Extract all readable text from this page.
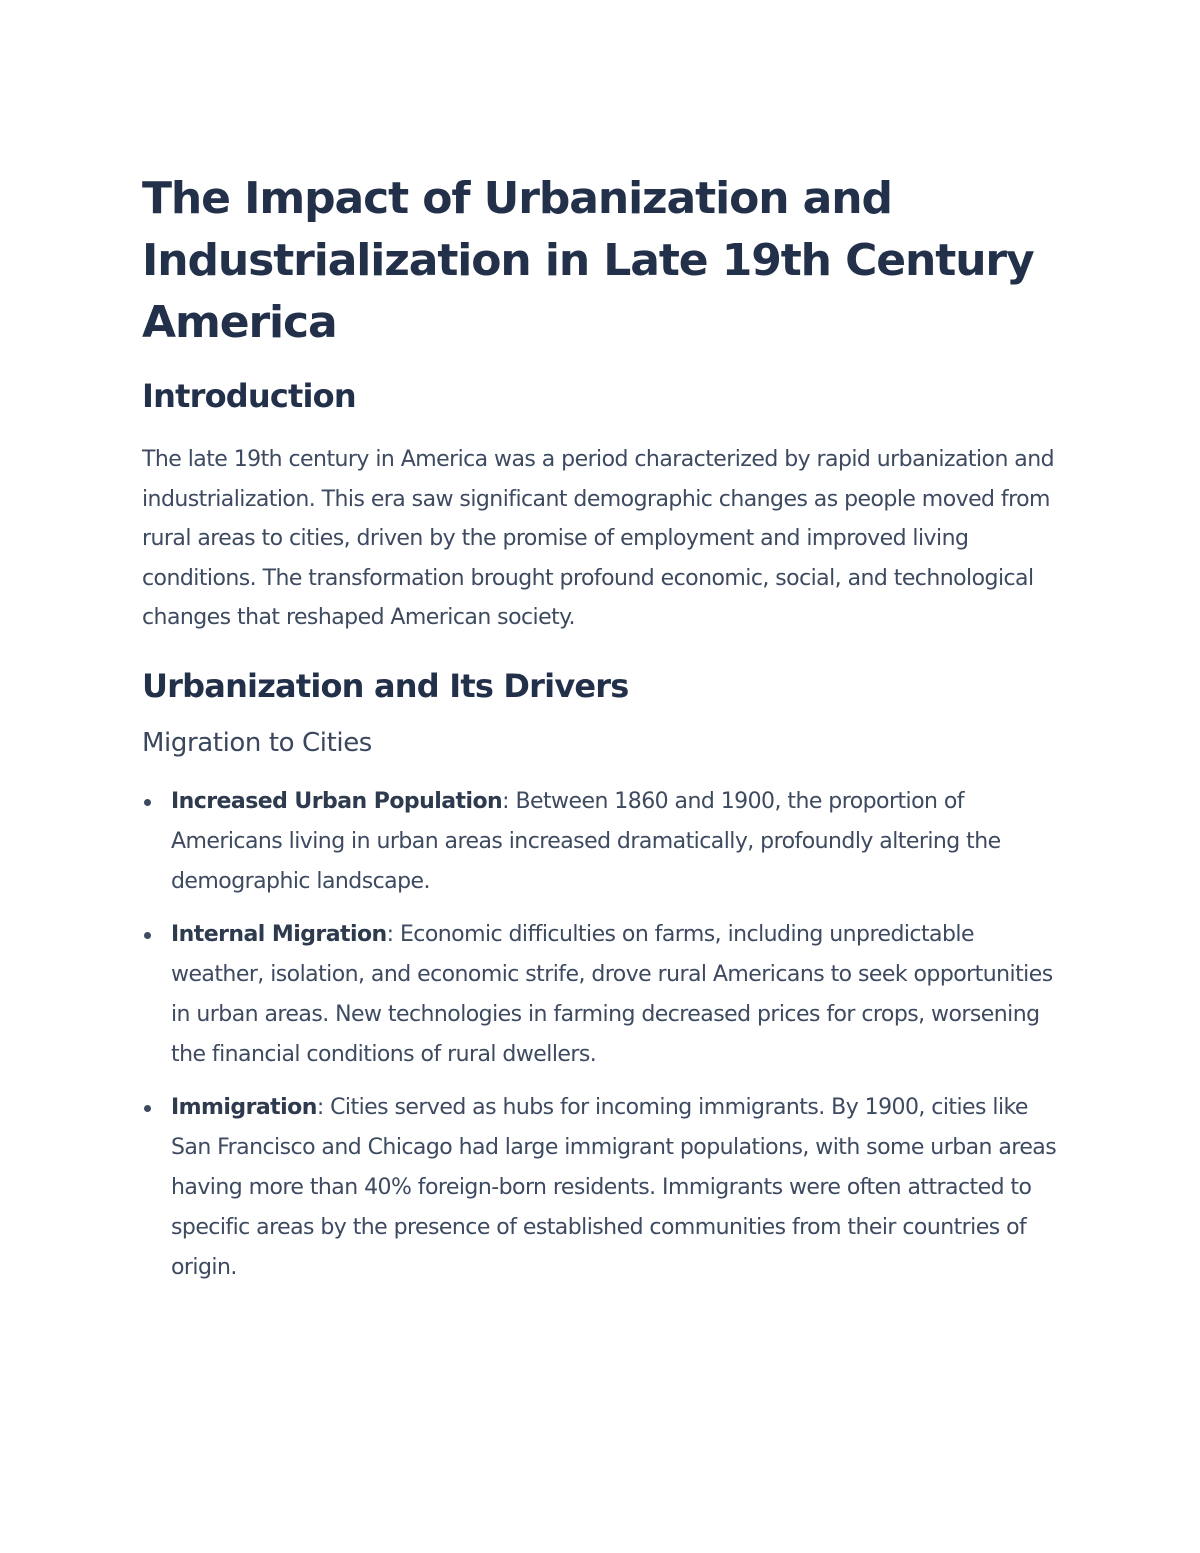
The Impact of Urbanization and Industrialization in Late 19th Century America
Introduction

The late 19th century in America was a period characterized by rapid urbanization and industrialization. This era saw significant demographic changes as people moved from rural areas to cities, driven by the promise of employment and improved living conditions. The transformation brought profound economic, social, and technological changes that reshaped American society.

Urbanization and Its Drivers
Migration to Cities
Increased Urban Population: Between 1860 and 1900, the proportion of Americans living in urban areas increased dramatically, profoundly altering the demographic landscape.
Internal Migration: Economic difficulties on farms, including unpredictable weather, isolation, and economic strife, drove rural Americans to seek opportunities in urban areas. New technologies in farming decreased prices for crops, worsening the financial conditions of rural dwellers.
Immigration: Cities served as hubs for incoming immigrants. By 1900, cities like San Francisco and Chicago had large immigrant populations, with some urban areas having more than 40% foreign-born residents. Immigrants were often attracted to specific areas by the presence of established communities from their countries of origin.
